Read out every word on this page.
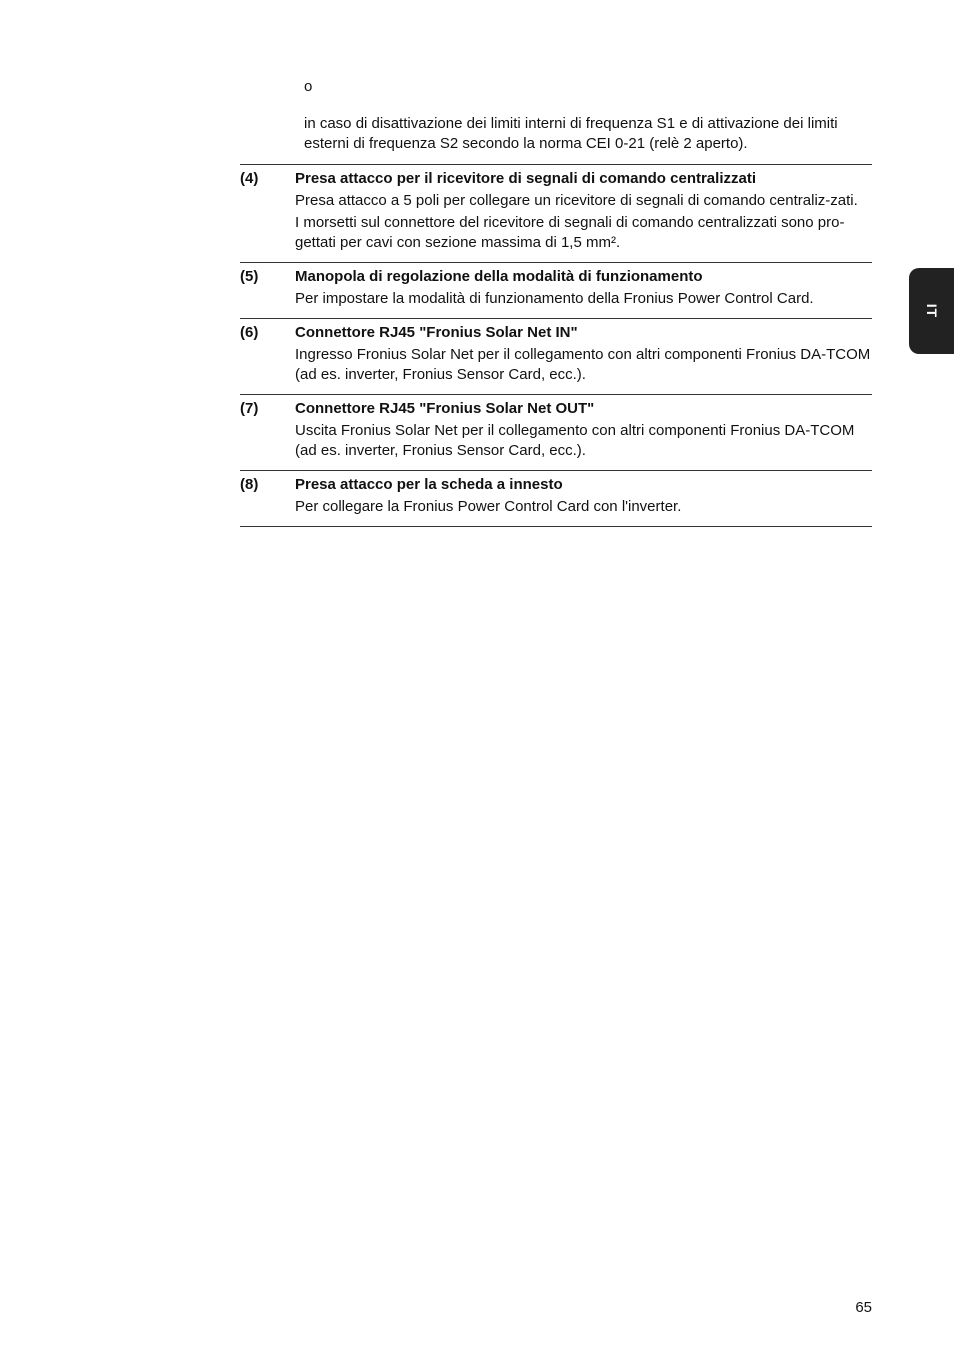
o
in caso di disattivazione dei limiti interni di frequenza S1 e di attivazione dei limiti esterni di frequenza S2 secondo la norma CEI 0-21 (relè 2 aperto).
(4) Presa attacco per il ricevitore di segnali di comando centralizzati
Presa attacco a 5 poli per collegare un ricevitore di segnali di comando centraliz-zati.
I morsetti sul connettore del ricevitore di segnali di comando centralizzati sono pro-gettati per cavi con sezione massima di 1,5 mm².
(5) Manopola di regolazione della modalità di funzionamento
Per impostare la modalità di funzionamento della Fronius Power Control Card.
(6) Connettore RJ45 "Fronius Solar Net IN"
Ingresso Fronius Solar Net per il collegamento con altri componenti Fronius DA-TCOM (ad es. inverter, Fronius Sensor Card, ecc.).
(7) Connettore RJ45 "Fronius Solar Net OUT"
Uscita Fronius Solar Net per il collegamento con altri componenti Fronius DA-TCOM (ad es. inverter, Fronius Sensor Card, ecc.).
(8) Presa attacco per la scheda a innesto
Per collegare la Fronius Power Control Card con l'inverter.
IT
65
